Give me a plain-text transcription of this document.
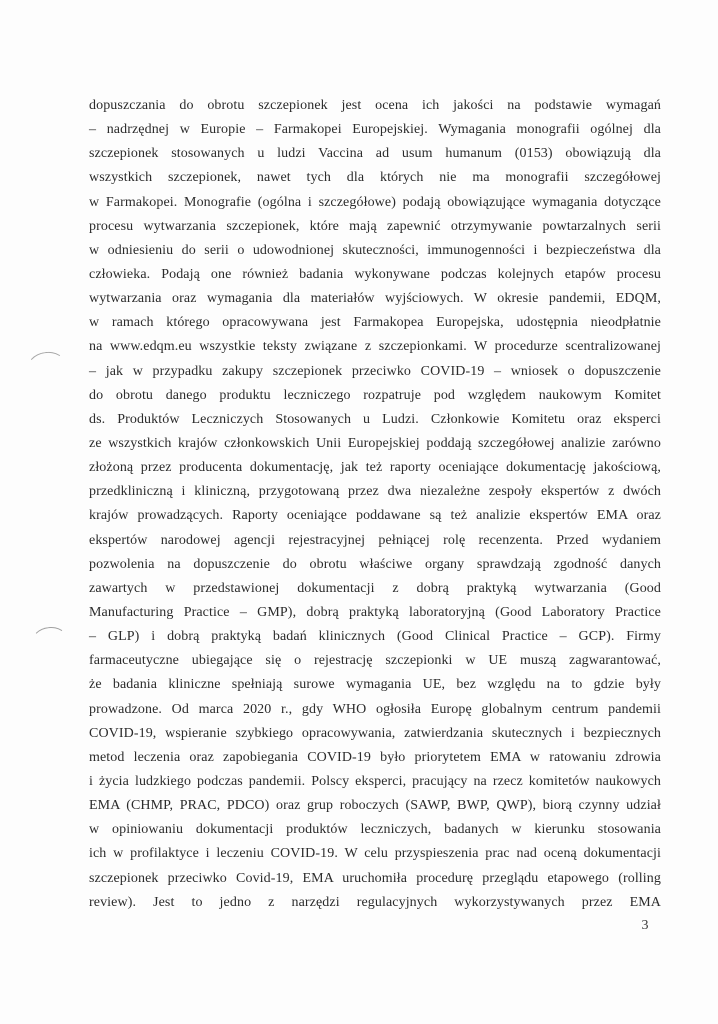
dopuszczania do obrotu szczepionek jest ocena ich jakości na podstawie wymagań
– nadrzędnej w Europie – Farmakopei Europejskiej. Wymagania monografii ogólnej dla
szczepionek stosowanych u ludzi Vaccina ad usum humanum (0153) obowiązują dla
wszystkich szczepionek, nawet tych dla których nie ma monografii szczegółowej
w Farmakopei. Monografie (ogólna i szczegółowe) podają obowiązujące wymagania dotyczące
procesu wytwarzania szczepionek, które mają zapewnić otrzymywanie powtarzalnych serii
w odniesieniu do serii o udowodnionej skuteczności, immunogenności i bezpieczeństwa dla
człowieka. Podają one również badania wykonywane podczas kolejnych etapów procesu
wytwarzania oraz wymagania dla materiałów wyjściowych. W okresie pandemii, EDQM,
w ramach którego opracowywana jest Farmakopea Europejska, udostępnia nieodpłatnie
na www.edqm.eu wszystkie teksty związane z szczepionkami. W procedurze scentralizowanej
– jak w przypadku zakupy szczepionek przeciwko COVID-19 – wniosek o dopuszczenie
do obrotu danego produktu leczniczego rozpatruje pod względem naukowym Komitet
ds. Produktów Leczniczych Stosowanych u Ludzi. Członkowie Komitetu oraz eksperci
ze wszystkich krajów członkowskich Unii Europejskiej poddają szczegółowej analizie zarówno
złożoną przez producenta dokumentację, jak też raporty oceniające dokumentację jakościową,
przedkliniczną i kliniczną, przygotowaną przez dwa niezależne zespoły ekspertów z dwóch
krajów prowadzących. Raporty oceniające poddawane są też analizie ekspertów EMA oraz
ekspertów narodowej agencji rejestracyjnej pełniącej rolę recenzenta. Przed wydaniem
pozwolenia na dopuszczenie do obrotu właściwe organy sprawdzają zgodność danych
zawartych w przedstawionej dokumentacji z dobrą praktyką wytwarzania (Good
Manufacturing Practice – GMP), dobrą praktyką laboratoryjną (Good Laboratory Practice
– GLP) i dobrą praktyką badań klinicznych (Good Clinical Practice – GCP). Firmy
farmaceutyczne ubiegające się o rejestrację szczepionki w UE muszą zagwarantować,
że badania kliniczne spełniają surowe wymagania UE, bez względu na to gdzie były
prowadzone. Od marca 2020 r., gdy WHO ogłosiła Europę globalnym centrum pandemii
COVID-19, wspieranie szybkiego opracowywania, zatwierdzania skutecznych i bezpiecznych
metod leczenia oraz zapobiegania COVID-19 było priorytetem EMA w ratowaniu zdrowia
i życia ludzkiego podczas pandemii. Polscy eksperci, pracujący na rzecz komitetów naukowych
EMA (CHMP, PRAC, PDCO) oraz grup roboczych (SAWP, BWP, QWP), biorą czynny udział
w opiniowaniu dokumentacji produktów leczniczych, badanych w kierunku stosowania
ich w profilaktyce i leczeniu COVID-19. W celu przyspieszenia prac nad oceną dokumentacji
szczepionek przeciwko Covid-19, EMA uruchomiła procedurę przeglądu etapowego (rolling
review). Jest to jedno z narzędzi regulacyjnych wykorzystywanych przez EMA
3
